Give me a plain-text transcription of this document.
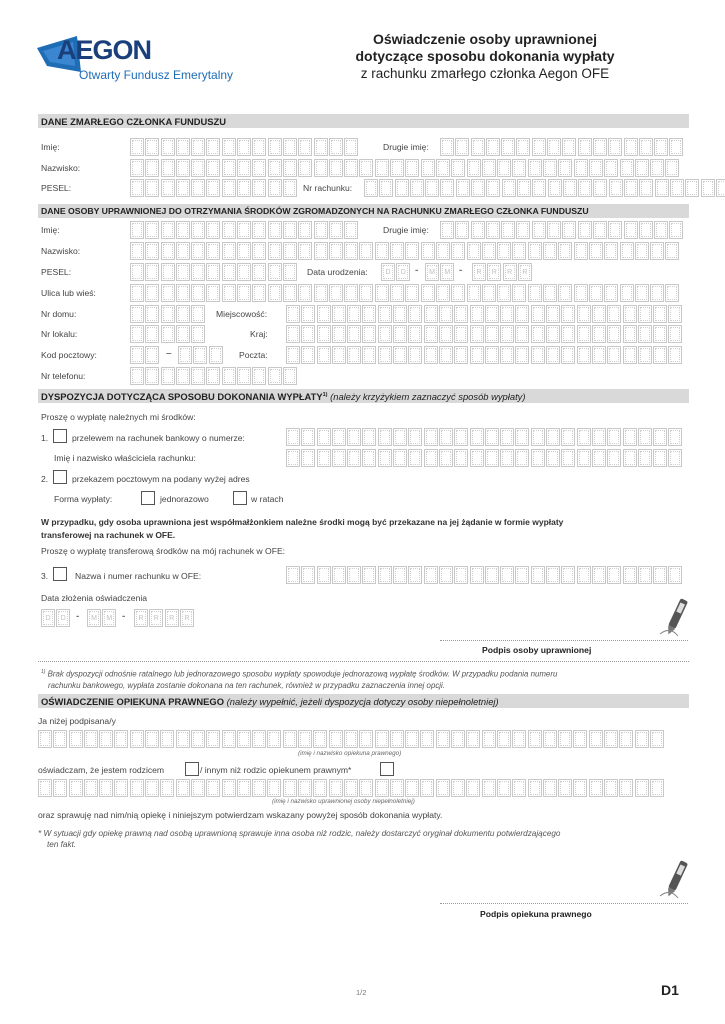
AEGON
Otwarty Fundusz Emerytalny
Oświadczenie osoby uprawnionej
dotyczące sposobu dokonania wypłaty
z rachunku zmarłego członka Aegon OFE
DANE ZMARŁEGO CZŁONKA FUNDUSZU
Imię:	Drugie imię:
Nazwisko:
PESEL:	Nr rachunku:
DANE OSOBY UPRAWNIONEJ DO OTRZYMANIA ŚRODKÓW ZGROMADZONYCH NA RACHUNKU ZMARŁEGO CZŁONKA FUNDUSZU
Imię:	Drugie imię:
Nazwisko:
PESEL:	Data urodzenia:	D	D -	M	M -	R	R	R	R
Ulica lub wieś:
Nr domu:	Miejscowość:
Nr lokalu:	Kraj:
Kod pocztowy:	–	Poczta:
Nr telefonu:
DYSPOZYCJA DOTYCZĄCA SPOSOBU DOKONANIA WYPŁATY$^{1)}$ (należy krzyżykiem zaznaczyć sposób wypłaty)
Proszę o wypłatę należnych mi środków:
1.	przelewem na rachunek bankowy o numerze:
Imię i nazwisko właściciela rachunku:
2.	przekazem pocztowym na podany wyżej adres
Forma wypłaty:	jednorazowo	w ratach
W przypadku, gdy osoba uprawniona jest współmałżonkiem należne środki mogą być przekazane na jej żądanie w formie wypłaty
transferowej na rachunek w OFE.
Proszę o wypłatę transferową środków na mój rachunek w OFE:
3.	Nazwa i numer rachunku w OFE:
Data złożenia oświadczenia
D	D	-	M	M -	R	R	R	R
Podpis osoby uprawnionej
$^{1)}$ Brak dyspozycji odnośnie ratalnego lub jednorazowego sposobu wypłaty spowoduje jednorazową wypłatę środków. W przypadku podania numeru
rachunku bankowego, wypłata zostanie dokonana na ten rachunek, również w przypadku zaznaczenia innej opcji.
OŚWIADCZENIE OPIEKUNA PRAWNEGO (należy wypełnić, jeżeli dyspozycja dotyczy osoby niepełnoletniej)
Ja niżej podpisana/y
(imię i nazwisko opiekuna prawnego)
oświadczam, że jestem rodzicem	/ innym niż rodzic opiekunem prawnym*
(imię i nazwisko uprawnionej osoby niepełnoletniej)
oraz sprawuję nad nim/nią opiekę i niniejszym potwierdzam wskazany powyżej sposób dokonania wypłaty.
* W sytuacji gdy opiekę prawną nad osobą uprawnioną sprawuje inna osoba niż rodzic, należy dostarczyć oryginał dokumentu potwierdzającego
ten fakt.
Podpis opiekuna prawnego
1/2	D1
